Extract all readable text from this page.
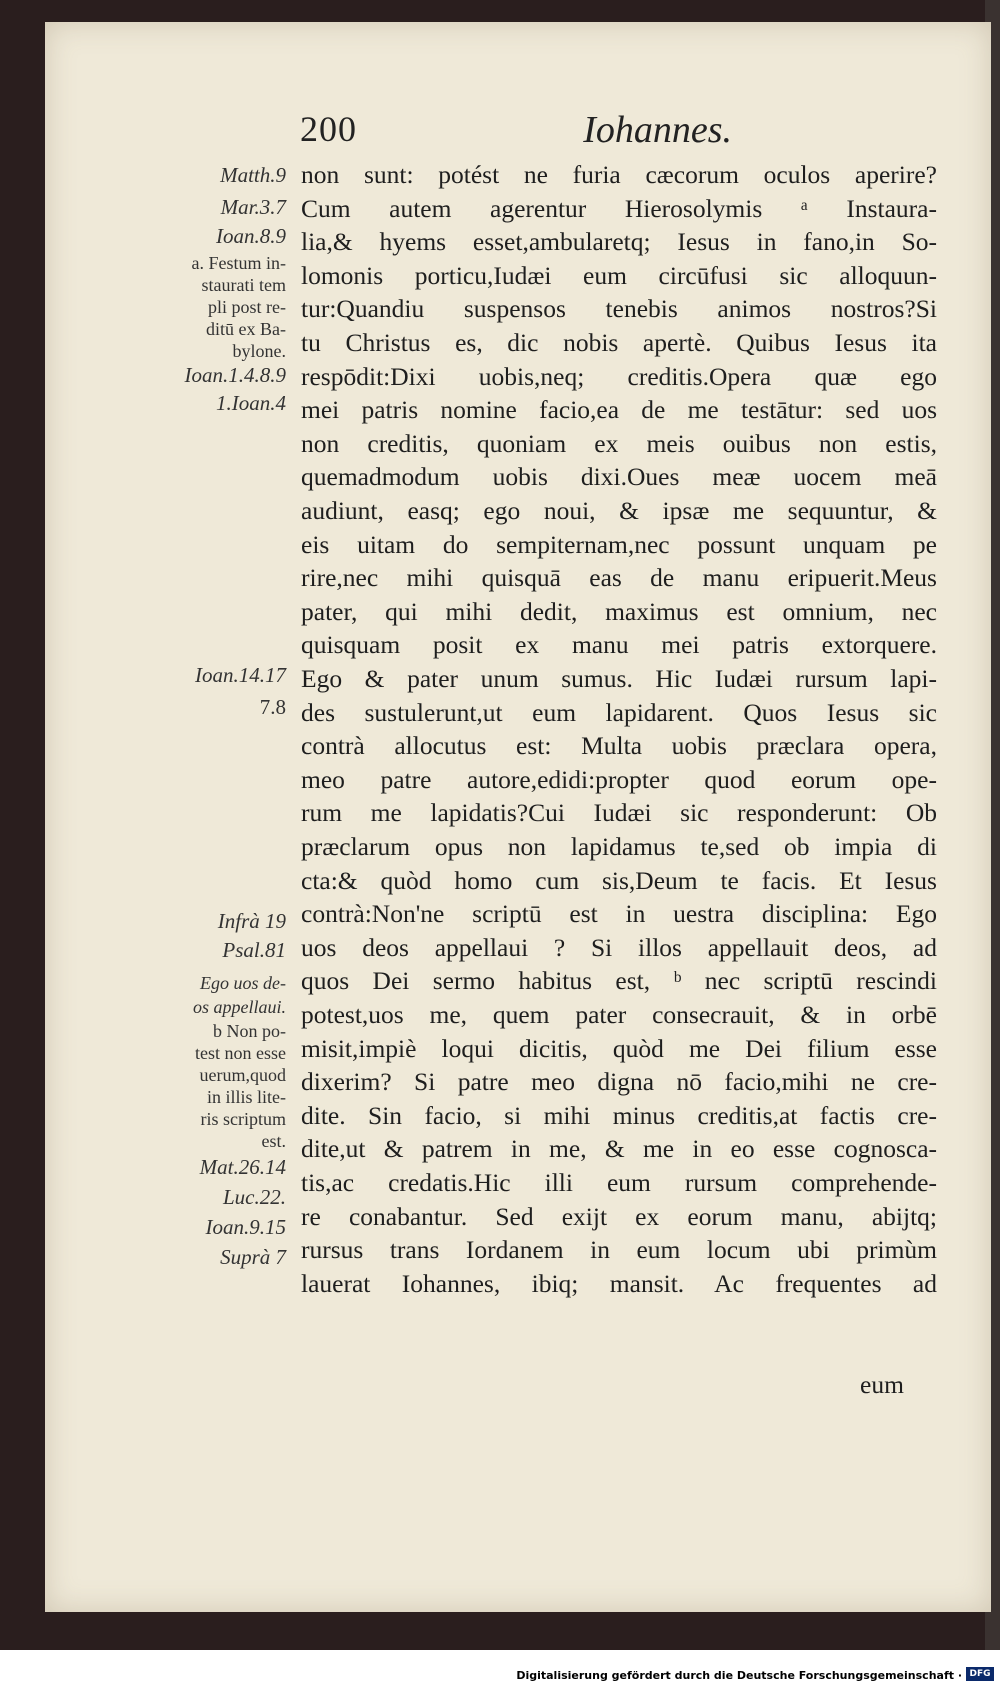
200	Iohannes.
Matth.9
Mar.3.7
Ioan.8.9
a. Festum in-
staurati tem
pli post re-
ditū ex Ba-
bylone.
Ioan.1.4.8.9
1.Ioan.4
Ioan.14.17
7.8
Infrà 19
Psal.81
Ego uos de-
os appellaui.
b Non po-
test non esse
uerum,quod
in illis lite-
ris scriptum
est.
Mat.26.14
Luc.22.
Ioan.9.15
Suprà 7
non sunt: potést ne furia cæcorum oculos aperire?
Cum autem agerentur Hierosolymis ᵃ Instaura-
lia,& hyems esset,ambularetq; Iesus in fano,in So-
lomonis porticu,Iudæi eum circūfusi sic alloquun-
tur:Quandiu suspensos tenebis animos nostros?Si
tu Christus es, dic nobis apertè. Quibus Iesus ita
respōdit:Dixi uobis,neq; creditis.Opera quæ ego
mei patris nomine facio,ea de me testātur: sed uos
non creditis, quoniam ex meis ouibus non estis,
quemadmodum uobis dixi.Oues meæ uocem meā
audiunt, easq; ego noui, & ipsæ me sequuntur, &
eis uitam do sempiternam,nec possunt unquam pe
rire,nec mihi quisquā eas de manu eripuerit.Meus
pater, qui mihi dedit, maximus est omnium, nec
quisquam posit ex manu mei patris extorquere.
Ego & pater unum sumus. Hic Iudæi rursum lapi-
des sustulerunt,ut eum lapidarent. Quos Iesus sic
contrà allocutus est: Multa uobis præclara opera,
meo patre autore,edidi:propter quod eorum ope-
rum me lapidatis?Cui Iudæi sic responderunt: Ob
præclarum opus non lapidamus te,sed ob impia di
cta:& quòd homo cum sis,Deum te facis. Et Iesus
contrà:Non'ne scriptū est in uestra disciplina: Ego
uos deos appellaui ? Si illos appellauit deos, ad
quos Dei sermo habitus est, ᵇ nec scriptū rescindi
potest,uos me, quem pater consecrauit, & in orbē
misit,impiè loqui dicitis, quòd me Dei filium esse
dixerim? Si patre meo digna nō facio,mihi ne cre-
dite. Sin facio, si mihi minus creditis,at factis cre-
dite,ut & patrem in me, & me in eo esse cognosca-
tis,ac credatis.Hic illi eum rursum comprehende-
re conabantur. Sed exijt ex eorum manu, abijtq;
rursus trans Iordanem in eum locum ubi primùm
lauerat Iohannes, ibiq; mansit. Ac frequentes ad
eum
Digitalisierung gefördert durch die Deutsche Forschungsgemeinschaft · DFG
